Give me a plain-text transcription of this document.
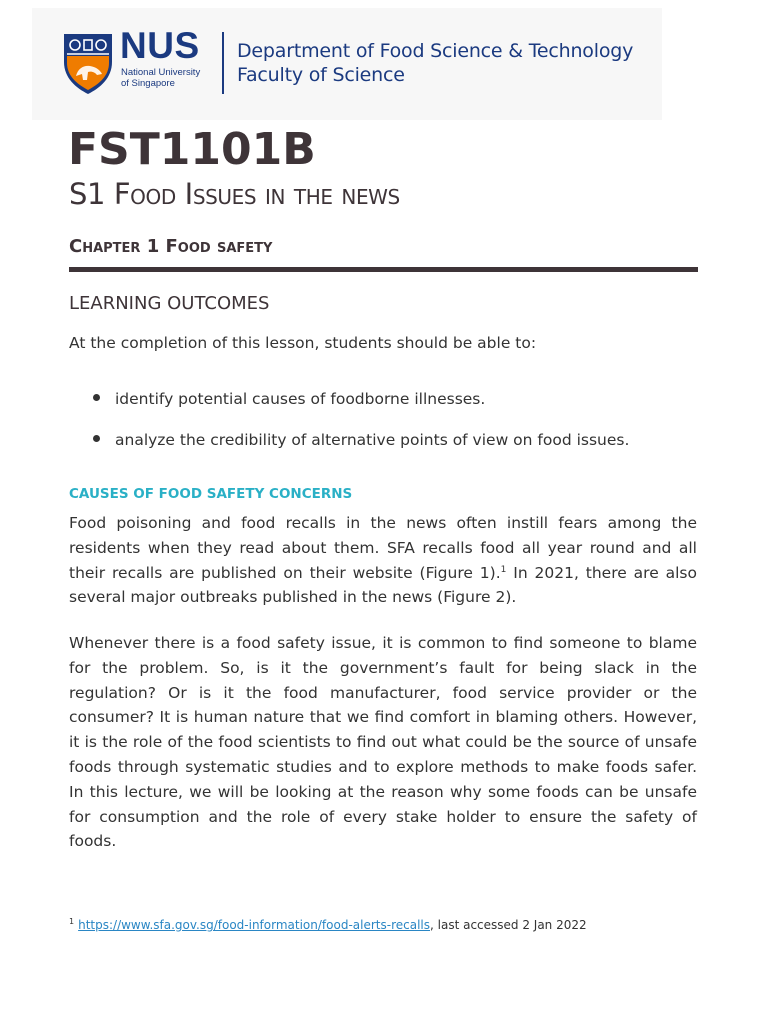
NUS
National University
of Singapore
Department of Food Science & Technology
Faculty of Science
FST1101B
S1 Food Issues in the news
Chapter 1 Food safety
LEARNING OUTCOMES
At the completion of this lesson, students should be able to:
identify potential causes of foodborne illnesses.
analyze the credibility of alternative points of view on food issues.
CAUSES OF FOOD SAFETY CONCERNS

Food poisoning and food recalls in the news often instill fears among the residents when they read about them. SFA recalls food all year round and all their recalls are published on their website (Figure 1).$^1$ In 2021, there are also several major outbreaks published in the news (Figure 2).

Whenever there is a food safety issue, it is common to find someone to blame for the problem. So, is it the government’s fault for being slack in the regulation? Or is it the food manufacturer, food service provider or the consumer? It is human nature that we find comfort in blaming others. However, it is the role of the food scientists to find out what could be the source of unsafe foods through systematic studies and to explore methods to make foods safer. In this lecture, we will be looking at the reason why some foods can be unsafe for consumption and the role of every stake holder to ensure the safety of foods.

$^1$ https://www.sfa.gov.sg/food-information/food-alerts-recalls, last accessed 2 Jan 2022
